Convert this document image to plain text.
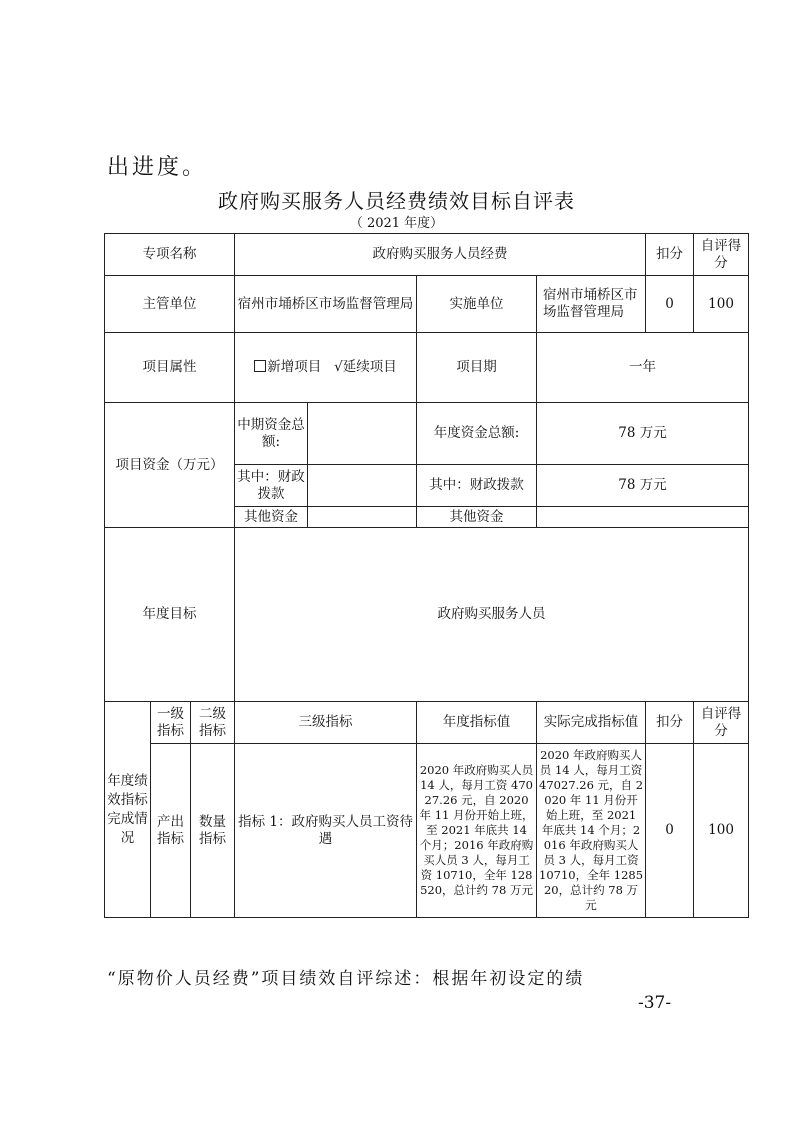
出进度。
政府购买服务人员经费绩效目标自评表
（ 2021 年度）
专项名称			政府购买服务人员经费				扣分	自评得分
主管单位			宿州市埇桥区市场监督管理局		实施单位	宿州市埇桥区市场监督管理局	0	100
项目属性			新增项目 √延续项目		项目期	一年		
项目资金（万元）			中期资金总额:		年度资金总额:	78 万元		
			其中：财政拨款		其中：财政拨款	78 万元		
			其他资金		其他资金			
年度目标			政府购买服务人员					
年度绩效指标完成情况	一级指标	二级指标	三级指标		年度指标值	实际完成指标值	扣分	自评得分
	产出指标	数量指标	指标 1：政府购买人员工资待遇		2020 年政府购买人员 14 人，每月工资 47027.26 元，自 2020 年 11 月份开始上班，至 2021 年底共 14 个月；2016 年政府购买人员 3 人，每月工资 10710，全年 128520，总计约 78 万元	2020 年政府购买人员 14 人，每月工资 47027.26 元，自 2020 年 11 月份开始上班，至 2021 年底共 14 个月；2016 年政府购买人员 3 人，每月工资 10710，全年 128520，总计约 78 万元	0	100
“原物价人员经费”项目绩效自评综述：根据年初设定的绩
-37-
